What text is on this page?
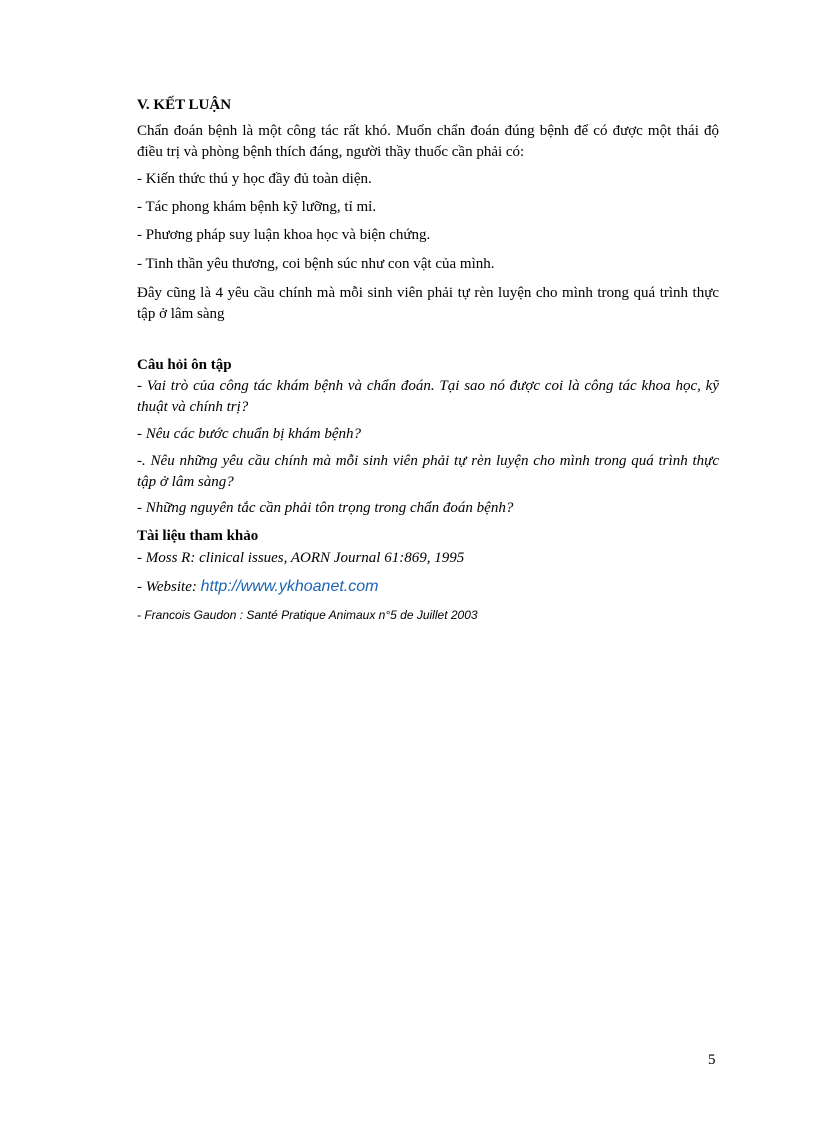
V. KẾT LUẬN
Chẩn đoán bệnh là một công tác rất khó. Muốn chẩn đoán đúng bệnh để có được một thái độ điều trị và phòng bệnh thích đáng, người thầy thuốc cần phải có:
- Kiến thức thú y học đầy đủ toàn diện.
- Tác phong khám bệnh kỹ lưỡng, tỉ mỉ.
- Phương pháp suy luận khoa học và biện chứng.
- Tinh thần yêu thương, coi bệnh súc như con vật của mình.
Đây cũng là 4 yêu cầu chính mà mỗi sinh viên phải tự rèn luyện cho mình trong quá trình thực tập ở lâm sàng
Câu hỏi ôn tập
- Vai trò của công tác khám bệnh và chẩn đoán. Tại sao nó được coi là công tác khoa học, kỹ thuật và chính trị?
- Nêu các bước chuẩn bị khám bệnh?
-. Nêu những yêu cầu chính mà mỗi sinh viên phải tự rèn luyện cho mình trong quá trình thực tập ở lâm sàng?
- Những nguyên tắc cần phải tôn trọng trong chẩn đoán bệnh?
Tài liệu tham khảo
- Moss R: clinical issues, AORN Journal 61:869, 1995
- Website: http://www.ykhoanet.com
- Francois Gaudon : Santé Pratique Animaux n°5 de Juillet 2003
5
